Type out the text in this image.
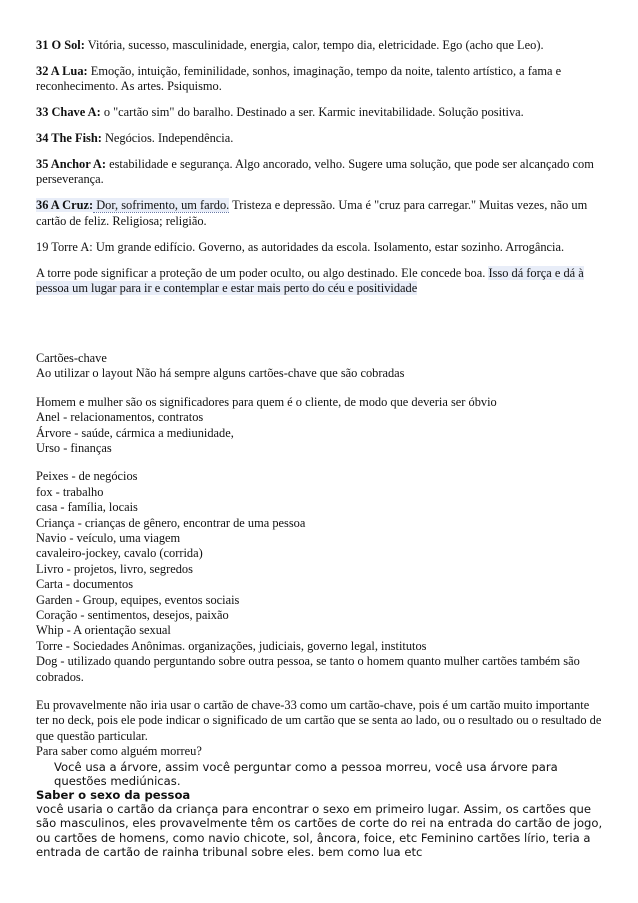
31 O Sol: Vitória, sucesso, masculinidade, energia, calor, tempo dia, eletricidade. Ego (acho que Leo).
32 A Lua: Emoção, intuição, feminilidade, sonhos, imaginação, tempo da noite, talento artístico, a fama e reconhecimento. As artes. Psiquismo.
33 Chave A: o "cartão sim" do baralho. Destinado a ser. Karmic inevitabilidade. Solução positiva.
34 The Fish: Negócios. Independência.
35 Anchor A: estabilidade e segurança. Algo ancorado, velho. Sugere uma solução, que pode ser alcançado com perseverança.
36 A Cruz: Dor, sofrimento, um fardo. Tristeza e depressão. Uma é "cruz para carregar." Muitas vezes, não um cartão de feliz. Religiosa; religião.
19 Torre A: Um grande edifício. Governo, as autoridades da escola. Isolamento, estar sozinho. Arrogância.
A torre pode significar a proteção de um poder oculto, ou algo destinado. Ele concede boa. Isso dá força e dá à pessoa um lugar para ir e contemplar e estar mais perto do céu e positividade
Cartões-chave
Ao utilizar o layout Não há sempre alguns cartões-chave que são cobradas
Homem e mulher são os significadores para quem é o cliente, de modo que deveria ser óbvio
Anel - relacionamentos, contratos
Árvore - saúde, cármica a mediunidade,
Urso - finanças
Peixes - de negócios
fox - trabalho
casa - família, locais
Criança - crianças de gênero, encontrar de uma pessoa
Navio - veículo, uma viagem
cavaleiro-jockey, cavalo (corrida)
Livro - projetos, livro, segredos
Carta - documentos
Garden - Group, equipes, eventos sociais
Coração - sentimentos, desejos, paixão
Whip - A orientação sexual
Torre - Sociedades Anônimas. organizações, judiciais, governo legal, institutos
Dog - utilizado quando perguntando sobre outra pessoa, se tanto o homem quanto mulher cartões também são cobrados.
Eu provavelmente não iria usar o cartão de chave-33 como um cartão-chave, pois é um cartão muito importante ter no deck, pois ele pode indicar o significado de um cartão que se senta ao lado, ou o resultado ou o resultado de que questão particular.
Para saber como alguém morreu?
Você usa a árvore, assim você perguntar como a pessoa morreu, você usa árvore para questões mediúnicas.
Saber o sexo da pessoa
você usaria o cartão da criança para encontrar o sexo em primeiro lugar. Assim, os cartões que são masculinos, eles provavelmente têm os cartões de corte do rei na entrada do cartão de jogo, ou cartões de homens, como navio chicote, sol, âncora, foice, etc Feminino cartões lírio, teria a entrada de cartão de rainha tribunal sobre eles. bem como lua etc
